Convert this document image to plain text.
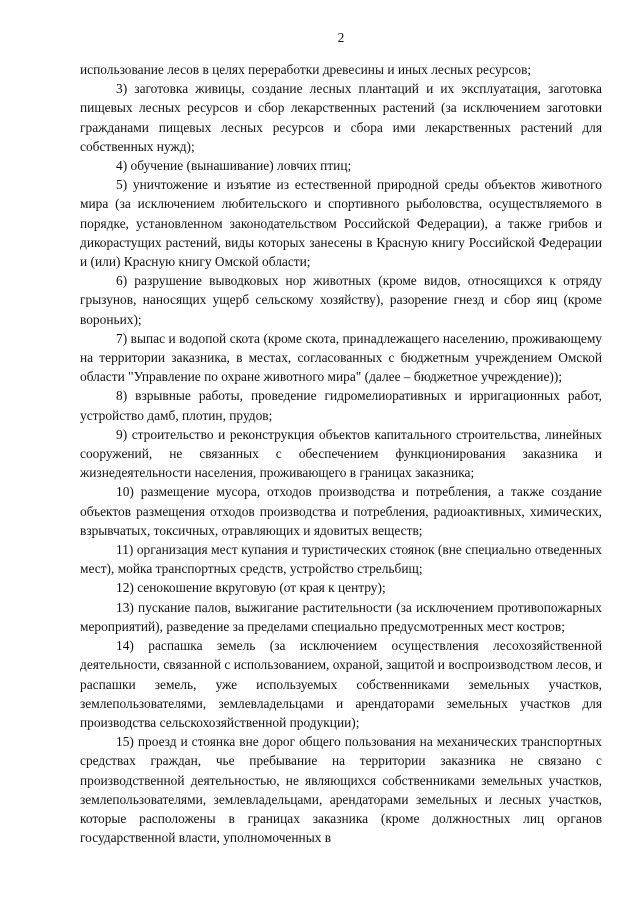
2

использование лесов в целях переработки древесины и иных лесных ресурсов;

3) заготовка живицы, создание лесных плантаций и их эксплуатация, заготовка пищевых лесных ресурсов и сбор лекарственных растений (за исключением заготовки гражданами пищевых лесных ресурсов и сбора ими лекарственных растений для собственных нужд);

4) обучение (вынашивание) ловчих птиц;

5) уничтожение и изъятие из естественной природной среды объектов животного мира (за исключением любительского и спортивного рыболовства, осуществляемого в порядке, установленном законодательством Российской Федерации), а также грибов и дикорастущих растений, виды которых занесены в Красную книгу Российской Федерации и (или) Красную книгу Омской области;

6) разрушение выводковых нор животных (кроме видов, относящихся к отряду грызунов, наносящих ущерб сельскому хозяйству), разорение гнезд и сбор яиц (кроме вороньих);

7) выпас и водопой скота (кроме скота, принадлежащего населению, проживающему на территории заказника, в местах, согласованных с бюджетным учреждением Омской области "Управление по охране животного мира" (далее – бюджетное учреждение));

8) взрывные работы, проведение гидромелиоративных и ирригационных работ, устройство дамб, плотин, прудов;

9) строительство и реконструкция объектов капитального строительства, линейных сооружений, не связанных с обеспечением функционирования заказника и жизнедеятельности населения, проживающего в границах заказника;

10) размещение мусора, отходов производства и потребления, а также создание объектов размещения отходов производства и потребления, радиоактивных, химических, взрывчатых, токсичных, отравляющих и ядовитых веществ;

11) организация мест купания и туристических стоянок (вне специально отведенных мест), мойка транспортных средств, устройство стрельбищ;

12) сенокошение вкруговую (от края к центру);

13) пускание палов, выжигание растительности (за исключением противопожарных мероприятий), разведение за пределами специально предусмотренных мест костров;

14) распашка земель (за исключением осуществления лесохозяйственной деятельности, связанной с использованием, охраной, защитой и воспроизводством лесов, и распашки земель, уже используемых собственниками земельных участков, землепользователями, землевладельцами и арендаторами земельных участков для производства сельскохозяйственной продукции);

15) проезд и стоянка вне дорог общего пользования на механических транспортных средствах граждан, чье пребывание на территории заказника не связано с производственной деятельностью, не являющихся собственниками земельных участков, землепользователями, землевладельцами, арендаторами земельных и лесных участков, которые расположены в границах заказника (кроме должностных лиц органов государственной власти, уполномоченных в
